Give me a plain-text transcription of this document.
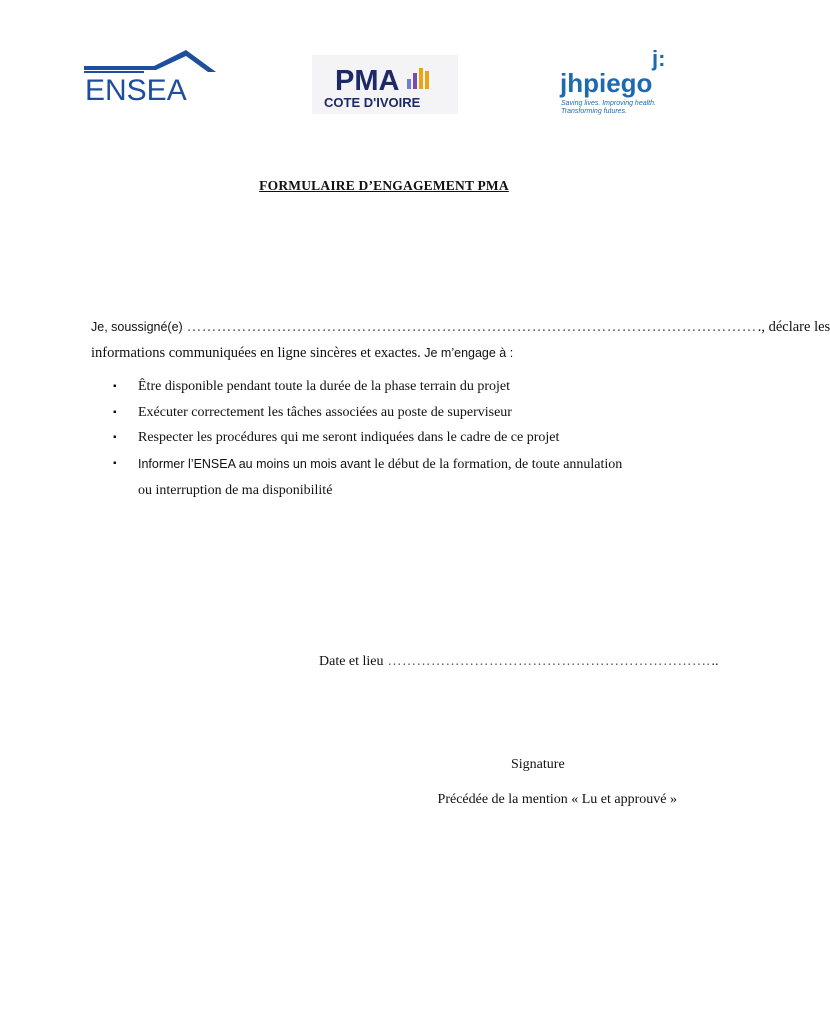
ENSEA	PMA
COTE D'IVOIRE
j:
jhpiego
Saving lives. Improving health.
Transforming futures.
FORMULAIRE D’ENGAGEMENT PMA
Je, soussigné(e) …………………………………………………………………………………………………… ., déclare les
informations communiquées en ligne sincères et exactes. Je m’engage à :
▪ Être disponible pendant toute la durée de la phase terrain du projet
▪ Exécuter correctement les tâches associées au poste de superviseur
▪ Respecter les procédures qui me seront indiquées dans le cadre de ce projet
▪ Informer l’ENSEA au moins un mois avant le début de la formation, de toute annulation
ou interruption de ma disponibilité
Date et lieu …………………………………………………………. ..
Signature
Précédée de la mention « Lu et approuvé »
